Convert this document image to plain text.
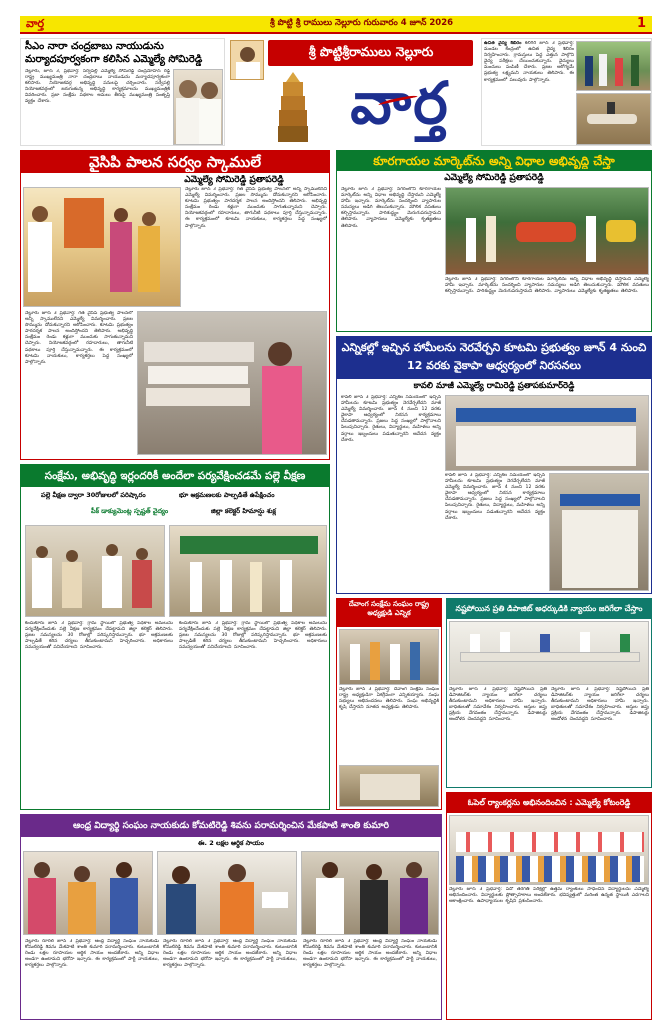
వార్త	శ్రీ పొట్టి శ్రీ రాములు నెల్లూరు గురువారం 4 జూన్ 2026	1
సీఎం నారా చంద్రబాబు నాయుడును మర్యాదపూర్వకంగా కలిసిన ఎమ్మెల్యే సోమిరెడ్డి
నెల్లూరు, జూన్ 3, ప్రభవార్త: సర్వేపల్లి ఎమ్మెల్యే సోమిరెడ్డి చంద్రమోహన్ రెడ్డి రాష్ట్ర ముఖ్యమంత్రి నారా చంద్రబాబు నాయుడును మర్యాదపూర్వకంగా కలిసారు. నియోజకవర్గ అభివృద్ధి పనులపై చర్చించారు. సర్వేపల్లి నియోజకవర్గంలో జరుగుతున్న అభివృద్ధి కార్యక్రమాలను ముఖ్యమంత్రికి వివరించారు. ప్రజా సంక్షేమ పథకాల అమలు తీరుపై ముఖ్యమంత్రి సంతృప్తి వ్యక్తం చేశారు.
శ్రీ పొట్టిశ్రీరాములు నెల్లూరు
వార్త
ఉచిత వైద్య శిబిరం కలిగిరి జూన్ 3 ప్రభవార్త: మండల కేంద్రంలో ఉచిత వైద్య శిబిరం నిర్వహించారు. గ్రామస్తులు పెద్ద ఎత్తున పాల్గొని వైద్య పరీక్షలు చేయించుకున్నారు. వైద్యులు మందులు పంపిణీ చేశారు. ప్రజల ఆరోగ్యమే ప్రభుత్వ లక్ష్యమని నాయకులు తెలిపారు. ఈ కార్యక్రమంలో పలువురు పాల్గొన్నారు.
వైసిపి పాలన సర్వం స్కాములే
ఎమ్మెల్యే సోమిరెడ్డి ప్రతాపరెడ్డి
నెల్లూరు జూన్ 3 ప్రభవార్త: గత వైసిపి ప్రభుత్వ పాలనలో అన్నీ స్కాములేనని ఎమ్మెల్యే విమర్శించారు. ప్రజల సొమ్మును దోచుకున్నారని ఆరోపించారు. కూటమి ప్రభుత్వం పారదర్శక పాలన అందిస్తోందని తెలిపారు. అభివృద్ధి సంక్షేమం రెండు కళ్లుగా ముందుకు సాగుతున్నామని చెప్పారు. నియోజకవర్గంలో రహదారులు, తాగునీటి పథకాలు పూర్తి చేస్తున్నామన్నారు. ఈ కార్యక్రమంలో కూటమి నాయకులు, కార్యకర్తలు పెద్ద సంఖ్యలో పాల్గొన్నారు.
నెల్లూరు జూన్ 3 ప్రభవార్త: గత వైసిపి ప్రభుత్వ పాలనలో అన్నీ స్కాములేనని ఎమ్మెల్యే విమర్శించారు. ప్రజల సొమ్మును దోచుకున్నారని ఆరోపించారు. కూటమి ప్రభుత్వం పారదర్శక పాలన అందిస్తోందని తెలిపారు. అభివృద్ధి సంక్షేమం రెండు కళ్లుగా ముందుకు సాగుతున్నామని చెప్పారు. నియోజకవర్గంలో రహదారులు, తాగునీటి పథకాలు పూర్తి చేస్తున్నామన్నారు. ఈ కార్యక్రమంలో కూటమి నాయకులు, కార్యకర్తలు పెద్ద సంఖ్యలో పాల్గొన్నారు.
కూరగాయల మార్కెట్‌ను అన్ని విధాల అభివృద్ధి చేస్తా
ఎమ్మెల్యే సోమిరెడ్డి ప్రతాపరెడ్డి
నెల్లూరు జూన్ 3 ప్రభవార్త: నగరంలోని కూరగాయల మార్కెట్‌ను అన్ని విధాల అభివృద్ధి చేస్తామని ఎమ్మెల్యే హామీ ఇచ్చారు. మార్కెట్‌ను సందర్శించి వ్యాపారుల సమస్యలు అడిగి తెలుసుకున్నారు. మౌలిక వసతులు కల్పిస్తామన్నారు. పారిశుద్ధ్యం మెరుగుపరుస్తామని తెలిపారు. వ్యాపారులు ఎమ్మెల్యేకు కృతజ్ఞతలు తెలిపారు.
నెల్లూరు జూన్ 3 ప్రభవార్త: నగరంలోని కూరగాయల మార్కెట్‌ను అన్ని విధాల అభివృద్ధి చేస్తామని ఎమ్మెల్యే హామీ ఇచ్చారు. మార్కెట్‌ను సందర్శించి వ్యాపారుల సమస్యలు అడిగి తెలుసుకున్నారు. మౌలిక వసతులు కల్పిస్తామన్నారు. పారిశుద్ధ్యం మెరుగుపరుస్తామని తెలిపారు. వ్యాపారులు ఎమ్మెల్యేకు కృతజ్ఞతలు తెలిపారు.
ఎన్నికల్లో ఇచ్చిన హామీలను నెరవేర్చని కూటమి ప్రభుత్వం జూన్ 4 నుంచి 12 వరకు వైకాపా ఆధ్వర్యంలో నిరసనలు
కావలి మాజీ ఎమ్మెల్యే రామిరెడ్డి ప్రతాపకుమార్‌రెడ్డి
కావలి జూన్ 3 ప్రభవార్త: ఎన్నికల సమయంలో ఇచ్చిన హామీలను కూటమి ప్రభుత్వం నెరవేర్చలేదని మాజీ ఎమ్మెల్యే విమర్శించారు. జూన్ 4 నుంచి 12 వరకు వైకాపా ఆధ్వర్యంలో నిరసన కార్యక్రమాలు చేపడతామన్నారు. ప్రజలు పెద్ద సంఖ్యలో పాల్గొనాలని పిలుపునిచ్చారు. రైతులు, విద్యార్థులు, మహిళలు అన్ని వర్గాలు ఇబ్బందులు పడుతున్నారని ఆవేదన వ్యక్తం చేశారు.
కావలి జూన్ 3 ప్రభవార్త: ఎన్నికల సమయంలో ఇచ్చిన హామీలను కూటమి ప్రభుత్వం నెరవేర్చలేదని మాజీ ఎమ్మెల్యే విమర్శించారు. జూన్ 4 నుంచి 12 వరకు వైకాపా ఆధ్వర్యంలో నిరసన కార్యక్రమాలు చేపడతామన్నారు. ప్రజలు పెద్ద సంఖ్యలో పాల్గొనాలని పిలుపునిచ్చారు. రైతులు, విద్యార్థులు, మహిళలు అన్ని వర్గాలు ఇబ్బందులు పడుతున్నారని ఆవేదన వ్యక్తం చేశారు.
సంక్షేమ, అభివృద్ధి ఇర్లందరికీ అందేలా పర్యవేక్షించడమే పల్లె వీక్షణ
పల్లె వీక్షణ ద్వారా 30రోజులలో పరిష్కారం	భూ ఆక్రమణలకు పాల్పడితే ఉపేక్షించం
పీక్ డాక్యుమెంట్ల స్పష్టత్ వైద్యం	జిల్లా కలెక్టర్ హిమాన్షు శుక్ల
కందుకూరు జూన్ 3 ప్రభవార్త: గ్రామ స్థాయిలో ప్రభుత్వ పథకాల అమలును పర్యవేక్షించేందుకు పల్లె వీక్షణ కార్యక్రమం చేపట్టామని జిల్లా కలెక్టర్ తెలిపారు. ప్రజల సమస్యలను 30 రోజుల్లో పరిష్కరిస్తామన్నారు. భూ ఆక్రమణలకు పాల్పడితే కఠిన చర్యలు తీసుకుంటామని హెచ్చరించారు. అధికారులు సమన్వయంతో పనిచేయాలని సూచించారు.
కందుకూరు జూన్ 3 ప్రభవార్త: గ్రామ స్థాయిలో ప్రభుత్వ పథకాల అమలును పర్యవేక్షించేందుకు పల్లె వీక్షణ కార్యక్రమం చేపట్టామని జిల్లా కలెక్టర్ తెలిపారు. ప్రజల సమస్యలను 30 రోజుల్లో పరిష్కరిస్తామన్నారు. భూ ఆక్రమణలకు పాల్పడితే కఠిన చర్యలు తీసుకుంటామని హెచ్చరించారు. అధికారులు సమన్వయంతో పనిచేయాలని సూచించారు.
దేవాంగ సంక్షేమ సంఘం రాష్ట్ర అధ్యక్షుడి ఎన్నిక
నెల్లూరు జూన్ 3 ప్రభవార్త: దేవాంగ సంక్షేమ సంఘం రాష్ట్ర అధ్యక్షుడిగా ఏకగ్రీవంగా ఎన్నికయ్యారు. సంఘ సభ్యులు అభినందనలు తెలిపారు. సంఘ అభివృద్ధికి కృషి చేస్తానని నూతన అధ్యక్షుడు తెలిపారు.
నష్టపోయిన ప్రతి డిపాజిట్ అధర్కుడికి న్యాయం జరిగేలా చేస్తాం
నెల్లూరు జూన్ 3 ప్రభవార్త: నష్టపోయిన ప్రతి డిపాజిటర్‌కు న్యాయం జరిగేలా చర్యలు తీసుకుంటామని అధికారులు హామీ ఇచ్చారు. బాధితులతో సమావేశం నిర్వహించారు. ఆస్తుల జప్తు ప్రక్రియ వేగవంతం చేస్తామన్నారు. డిపాజిటర్లు ఆందోళన చెందవద్దని సూచించారు.
నెల్లూరు జూన్ 3 ప్రభవార్త: నష్టపోయిన ప్రతి డిపాజిటర్‌కు న్యాయం జరిగేలా చర్యలు తీసుకుంటామని అధికారులు హామీ ఇచ్చారు. బాధితులతో సమావేశం నిర్వహించారు. ఆస్తుల జప్తు ప్రక్రియ వేగవంతం చేస్తామన్నారు. డిపాజిటర్లు ఆందోళన చెందవద్దని సూచించారు.
ఓపెల్ ర్యాంకర్లను అభినందించిన : ఎమ్మెల్యే కోటంరెడ్డి
నెల్లూరు జూన్ 3 ప్రభవార్త: పదో తరగతి పరీక్షల్లో ఉత్తమ ర్యాంకులు సాధించిన విద్యార్థులను ఎమ్మెల్యే అభినందించారు. విద్యార్థులకు ప్రోత్సాహకాలు అందజేశారు. భవిష్యత్తులో మరింత ఉన్నత స్థాయికి ఎదగాలని ఆకాంక్షించారు. ఉపాధ్యాయుల కృషిని ప్రశంసించారు.
ఆంధ్ర విద్యార్థి సంఘం నాయకుడు కోమటిరెడ్డి శివను పరామర్శించిన మేకపాటి శాంతి కుమారి
ఈ. 2 లక్షల ఆర్థిక సాయం
నెల్లూరు రూరల్ జూన్ 3 ప్రభవార్త: ఆంధ్ర విద్యార్థి సంఘం నాయకుడు కోమటిరెడ్డి శివను మేకపాటి శాంతి కుమారి పరామర్శించారు. కుటుంబానికి రెండు లక్షల రూపాయల ఆర్థిక సాయం అందజేశారు. అన్ని విధాల అండగా ఉంటామని భరోసా ఇచ్చారు. ఈ కార్యక్రమంలో పార్టీ నాయకులు, కార్యకర్తలు పాల్గొన్నారు.
నెల్లూరు రూరల్ జూన్ 3 ప్రభవార్త: ఆంధ్ర విద్యార్థి సంఘం నాయకుడు కోమటిరెడ్డి శివను మేకపాటి శాంతి కుమారి పరామర్శించారు. కుటుంబానికి రెండు లక్షల రూపాయల ఆర్థిక సాయం అందజేశారు. అన్ని విధాల అండగా ఉంటామని భరోసా ఇచ్చారు. ఈ కార్యక్రమంలో పార్టీ నాయకులు, కార్యకర్తలు పాల్గొన్నారు.
నెల్లూరు రూరల్ జూన్ 3 ప్రభవార్త: ఆంధ్ర విద్యార్థి సంఘం నాయకుడు కోమటిరెడ్డి శివను మేకపాటి శాంతి కుమారి పరామర్శించారు. కుటుంబానికి రెండు లక్షల రూపాయల ఆర్థిక సాయం అందజేశారు. అన్ని విధాల అండగా ఉంటామని భరోసా ఇచ్చారు. ఈ కార్యక్రమంలో పార్టీ నాయకులు, కార్యకర్తలు పాల్గొన్నారు.
